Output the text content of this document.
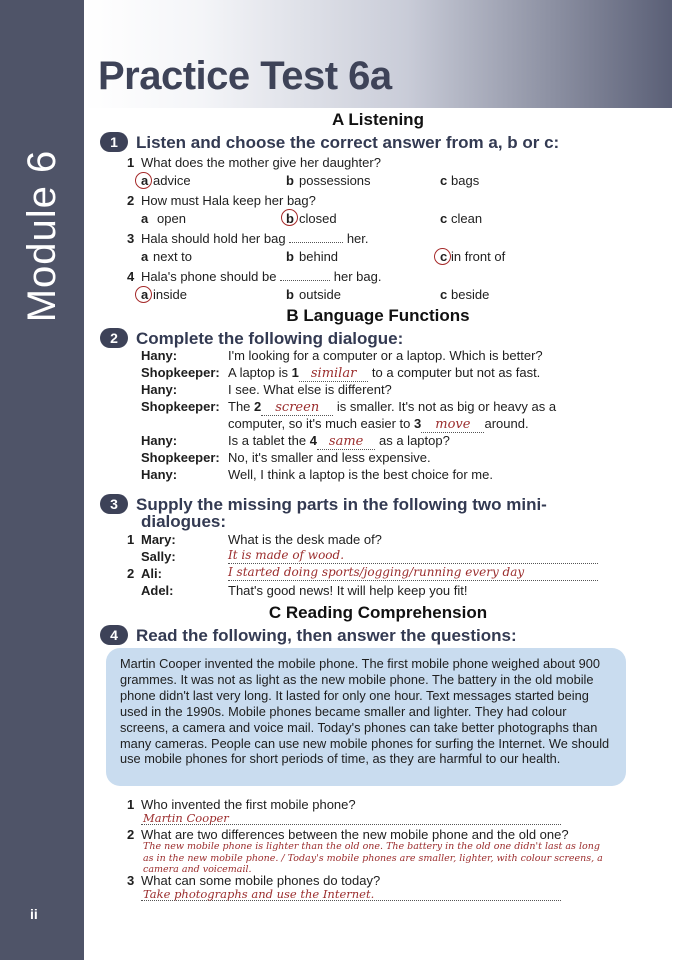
Module 6
ii
Practice Test 6a
A Listening
1 Listen and choose the correct answer from a, b or c:
1 What does the mother give her daughter?
a advice	b possessions	c bags
2 How must Hala keep her bag?
a open	b closed	c clean
3 Hala should hold her bag	her.
a next to	b behind	c in front of
4 Hala's phone should be	her bag.
a inside	b outside	c beside
B Language Functions
2 Complete the following dialogue:
Hany:	I'm looking for a computer or a laptop. Which is better?
Shopkeeper: A laptop is 1 similar to a computer but not as fast.
Hany:	I see. What else is different?
Shopkeeper: The 2 screen is smaller. It's not as big or heavy as a
computer, so it's much easier to 3 move around.
Hany:	Is a tablet the 4 same as a laptop?
Shopkeeper: No, it's smaller and less expensive.
Hany:	Well, I think a laptop is the best choice for me.
3 Supply the missing parts in the following two mini-
dialogues:
1 Mary:	What is the desk made of?
Sally:	It is made of wood.
2 Ali:	I started doing sports/jogging/running every day
Adel:	That's good news! It will help keep you fit!
C Reading Comprehension
4 Read the following, then answer the questions:

Martin Cooper invented the mobile phone. The first mobile phone weighed about 900 grammes. It was not as light as the new mobile phone. The battery in the old mobile phone didn't last very long. It lasted for only one hour. Text messages started being used in the 1990s. Mobile phones became smaller and lighter. They had colour screens, a camera and voice mail. Today's phones can take better photographs than many cameras. People can use new mobile phones for surfing the Internet. We should use mobile phones for short periods of time, as they are harmful to our health.

1 Who invented the first mobile phone?
Martin Cooper
2 What are two differences between the new mobile phone and the old one?
The new mobile phone is lighter than the old one. The battery in the old one didn't last as long
as in the new mobile phone. / Today's mobile phones are smaller, lighter, with colour screens, a
camera and voicemail.
3 What can some mobile phones do today?
Take photographs and use the Internet.
